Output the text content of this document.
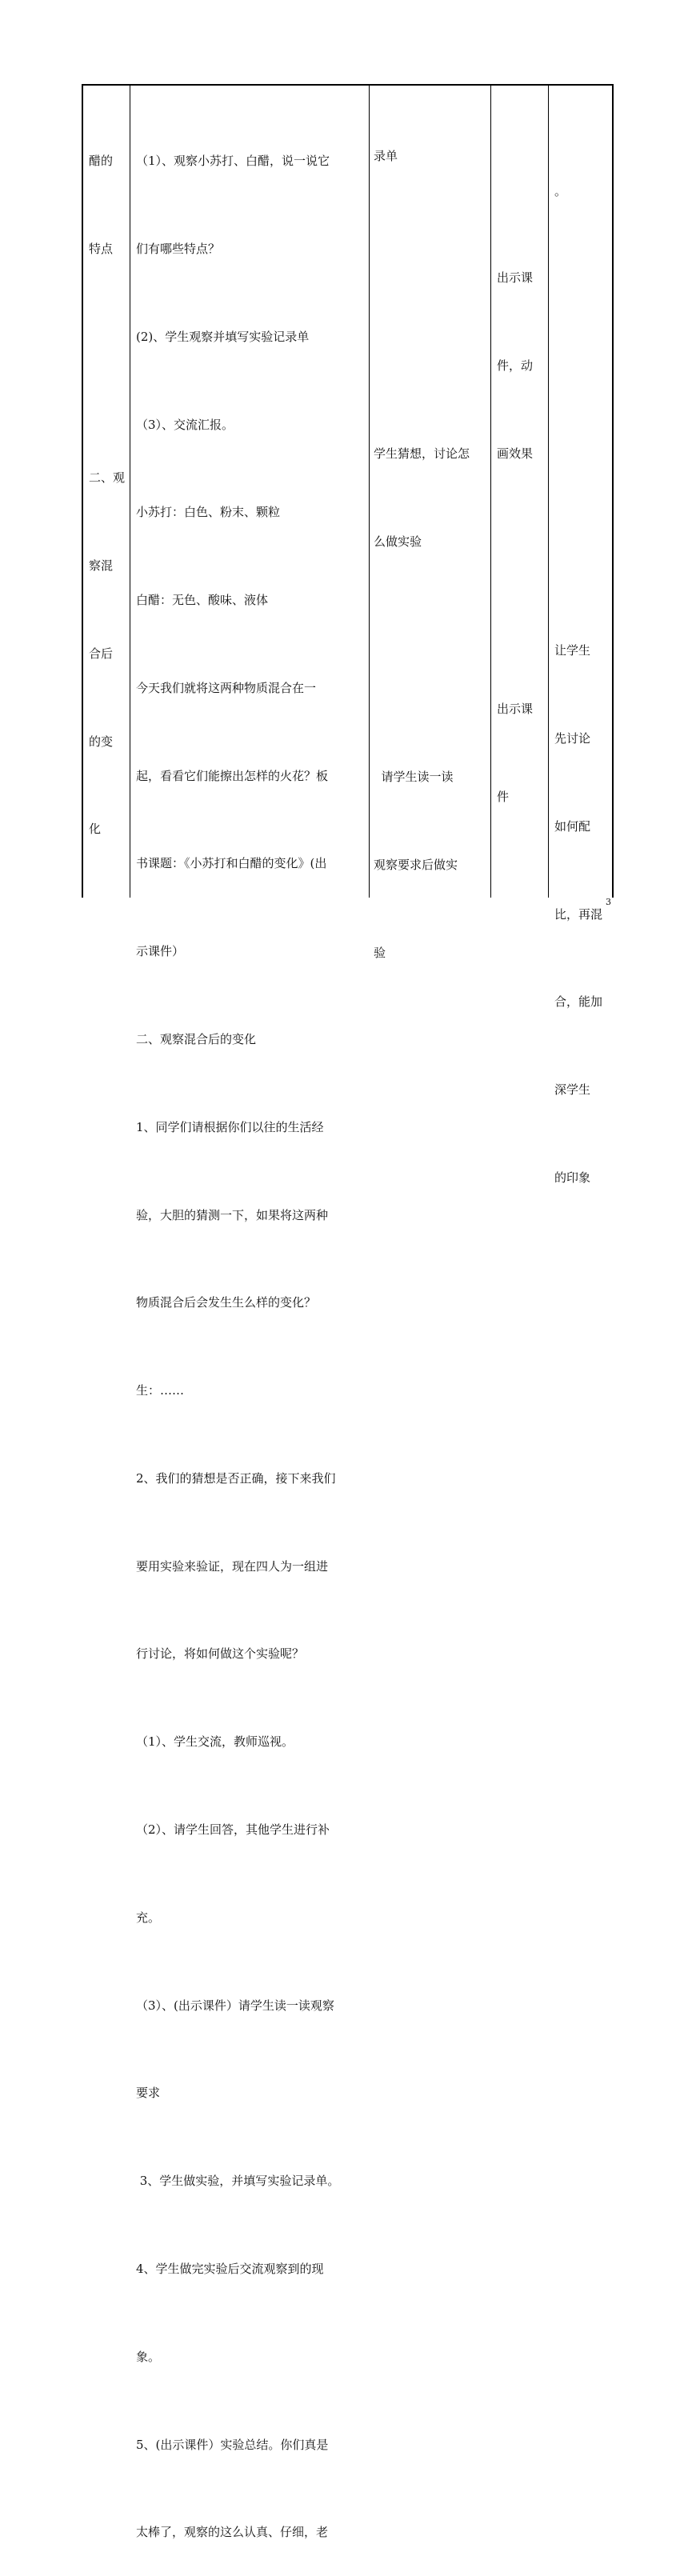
醋的

特点

二、观

察混

合后

的变

化

（1）、观察小苏打、白醋，说一说它

们有哪些特点？

(2)、学生观察并填写实验记录单

（3）、交流汇报。

小苏打：白色、粉末、颗粒

白醋：无色、酸味、液体

今天我们就将这两种物质混合在一

起，看看它们能擦出怎样的火花？板

书课题：《小苏打和白醋的变化》(出

示课件）

二、观察混合后的变化

1、同学们请根据你们以往的生活经

验，大胆的猜测一下，如果将这两种

物质混合后会发生生么样的变化？

生：……

2、我们的猜想是否正确，接下来我们

要用实验来验证，现在四人为一组进

行讨论，将如何做这个实验呢？

（1）、学生交流，教师巡视。

（2）、请学生回答，其他学生进行补

充。

（3）、(出示课件）请学生读一读观察

要求

3、学生做实验，并填写实验记录单。

4、学生做完实验后交流观察到的现

象。

5、(出示课件）实验总结。你们真是

太棒了，观察的这么认真、仔细，老

录单

学生猜想，讨论怎

么做实验

请学生读一读

观察要求后做实

验

出示课

件，动

画效果

出示课

件

。

让学生

先讨论

如何配

比，再混

合，能加

深学生

的印象

3
